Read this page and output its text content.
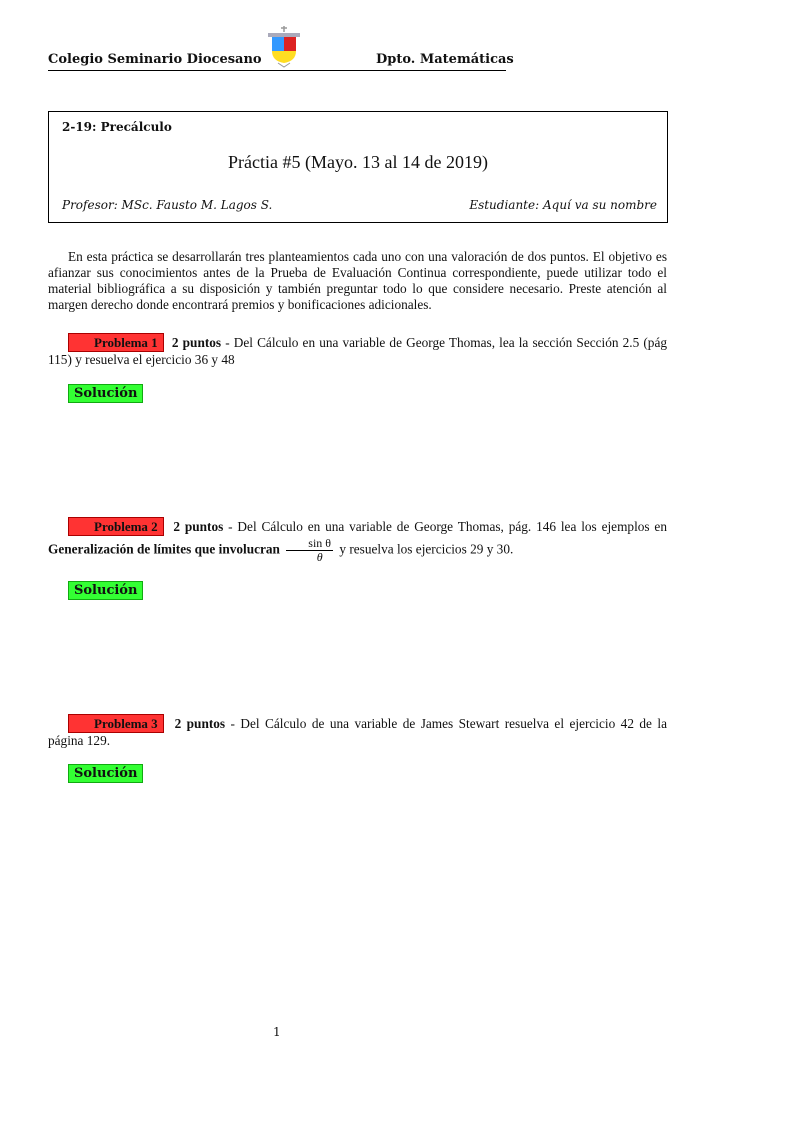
Colegio Seminario Diocesano	Dpto. Matemáticas
2-19: Precálculo
Práctia #5 (Mayo. 13 al 14 de 2019)
Profesor: MSc. Fausto M. Lagos S.	Estudiante: Aquí va su nombre
En esta práctica se desarrollarán tres planteamientos cada uno con una valoración de dos puntos. El objetivo es afianzar sus conocimientos antes de la Prueba de Evaluación Continua correspondiente, puede utilizar todo el material bibliográfica a su disposición y también preguntar todo lo que considere necesario. Preste atención al margen derecho donde encontrará premios y bonificaciones adicionales.
Problema 1 2 puntos - Del Cálculo en una variable de George Thomas, lea la sección Sección 2.5 (pág 115) y resuelva el ejercicio 36 y 48
Solución
Problema 2 2 puntos - Del Cálculo en una variable de George Thomas, pág. 146 lea los ejemplos en Generalización de límites que involucran $\frac{\text{sin θ}}{\theta}$ y resuelva los ejercicios 29 y 30.
Solución
Problema 3 2 puntos - Del Cálculo de una variable de James Stewart resuelva el ejercicio 42 de la página 129.
Solución
1
